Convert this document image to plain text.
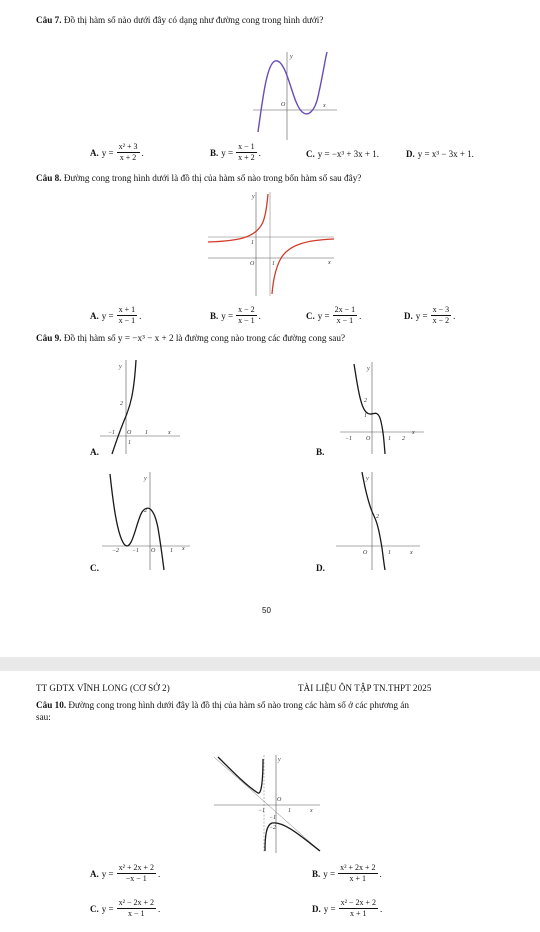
Câu 7. Đồ thị hàm số nào dưới đây có dạng như đường cong trong hình dưới?
y
O	x
A. $y = \frac{\text{x² + 3}}{x + 2}$ .	B. $y = \frac{x - 1}{x + 2}$ .	C. y = −x³ + 3x + 1.	D. y = x³ − 3x + 1.
Câu 8. Đường cong trong hình dưới là đồ thị của hàm số nào trong bốn hàm số sau đây?
y
1
O	1	x
A. $y = \frac{x + 1}{x - 1}$ .	B. $y = \frac{x - 2}{x - 1}$ .	C. $y = \frac{2x - 1}{x - 1}$ .	D. $y = \frac{x - 3}{x - 2}$ .
Câu 9. Đồ thị hàm số y = −x³ − x + 2 là đường cong nào trong các đường cong sau?
A.
y
2
−1 O 1	x
1
B.
y
2
1
−1 O	1 2
x
C.
y
2
−2 −1 O 1 x
D.
y
2
O	1	x
50
TT GDTX VĨNH LONG (CƠ SỞ 2)	TÀI LIỆU ÔN TẬP TN.THPT 2025
Câu 10. Đường cong trong hình dưới đây là đồ thị của hàm số nào trong các hàm số ở các phương án
sau:
y
O
−1	1	x
−1
−2
A. $y = \frac{\text{x² + 2x + 2}}{-x - 1}$ .	B. $y = \frac{\text{x² + 2x + 2}}{x + 1}$ .
C. $y = \frac{\text{x² − 2x + 2}}{x - 1}$ .	D. $y = \frac{\text{x² − 2x + 2}}{x + 1}$ .
